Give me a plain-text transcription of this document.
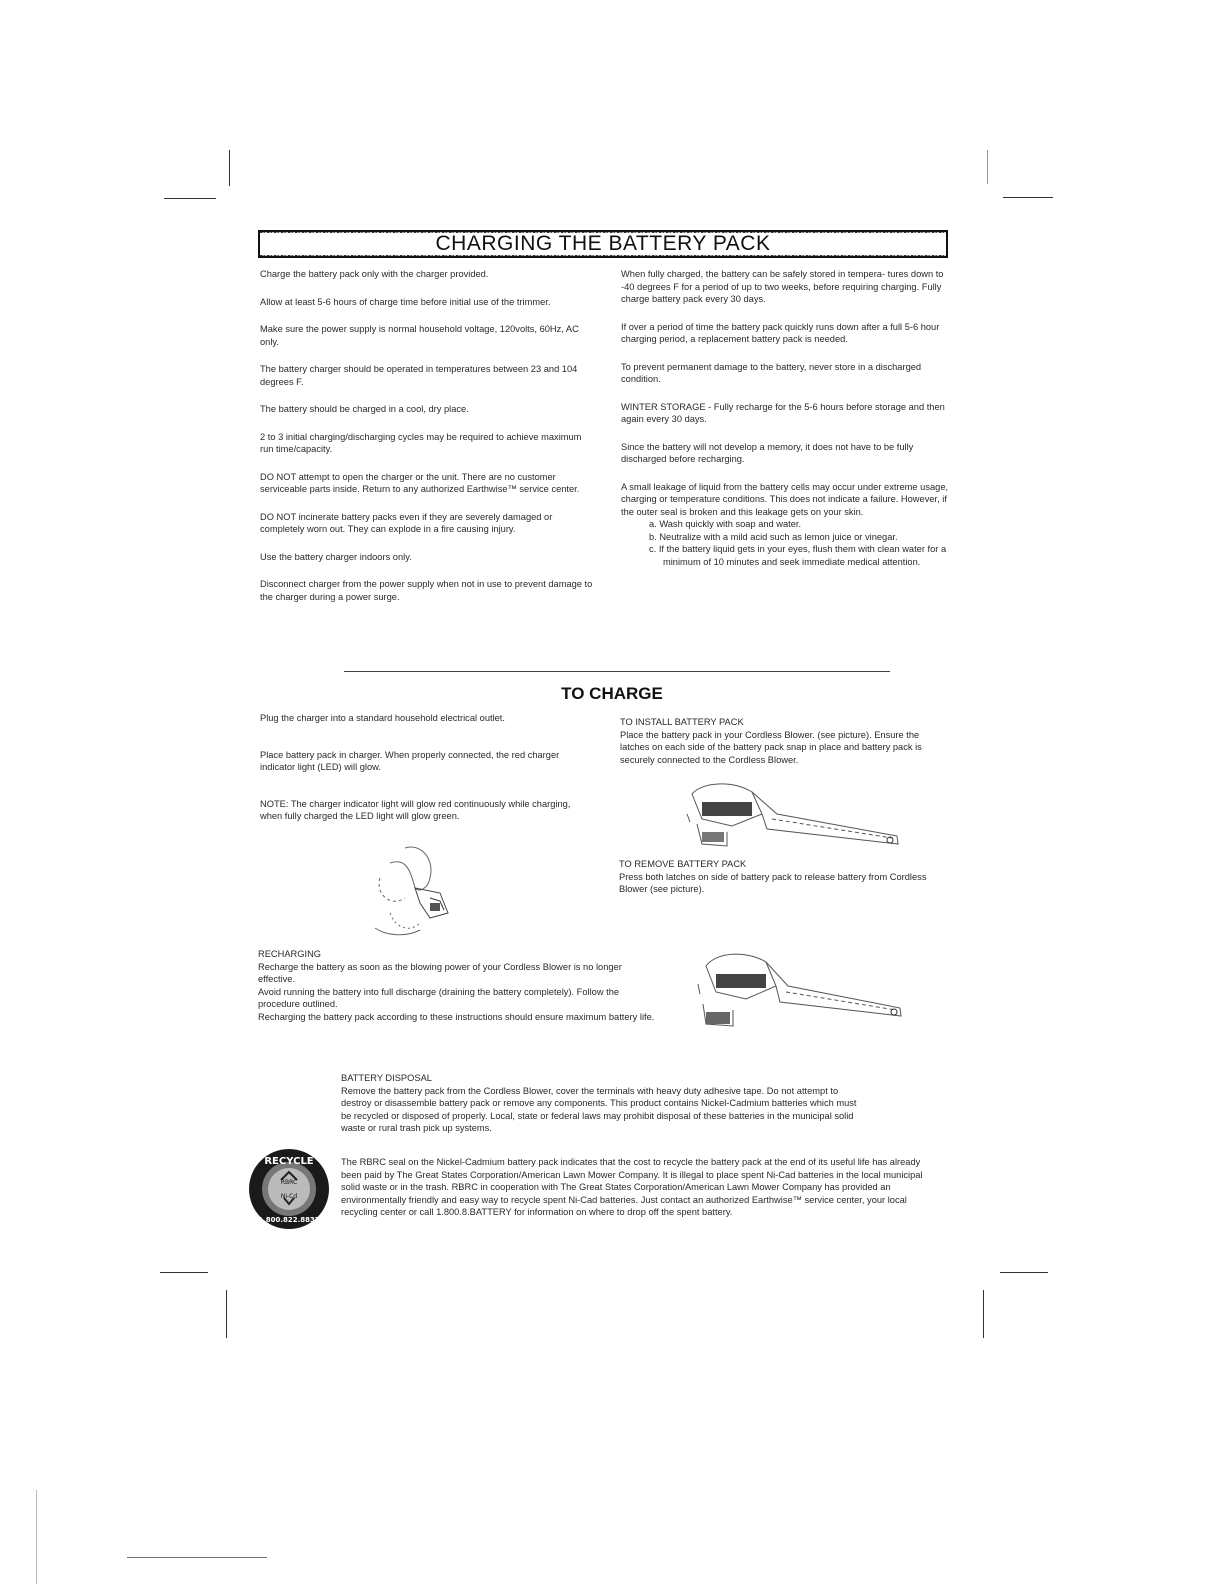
CHARGING THE BATTERY PACK

Charge the battery pack only with the charger provided.

Allow at least 5-6 hours of charge time before initial use of the trimmer.

Make sure the power supply is normal household voltage, 120volts, 60Hz, AC only.

The battery charger should be operated in temperatures between 23 and 104 degrees F.

The battery should be charged in a cool, dry place.

2 to 3 initial charging/discharging cycles may be required to achieve maximum run time/capacity.

DO NOT attempt to open the charger or the unit. There are no customer serviceable parts inside. Return to any authorized Earthwise™ service center.

DO NOT incinerate battery packs even if they are severely damaged or completely worn out. They can explode in a fire causing injury.

Use the battery charger indoors only.

Disconnect charger from the power supply when not in use to prevent damage to the charger during a power surge.

When fully charged, the battery can be safely stored in tempera- tures down to -40 degrees F for a period of up to two weeks, before requiring charging. Fully charge battery pack every 30 days.

If over a period of time the battery pack quickly runs down after a full 5-6 hour charging period, a replacement battery pack is needed.

To prevent permanent damage to the battery, never store in a discharged condition.

WINTER STORAGE - Fully recharge for the 5-6 hours before storage and then again every 30 days.

Since the battery will not develop a memory, it does not have to be fully discharged before recharging.

A small leakage of liquid from the battery cells may occur under extreme usage, charging or temperature conditions. This does not indicate a failure. However, if the outer seal is broken and this leakage gets on your skin.

a. Wash quickly with soap and water.

b. Neutralize with a mild acid such as lemon juice or vinegar.

c. If the battery liquid gets in your eyes, flush them with clean water for a minimum of 10 minutes and seek immediate medical attention.

TO CHARGE

Plug the charger into a standard household electrical outlet.

Place battery pack in charger. When properly connected, the red charger indicator light (LED) will glow.

NOTE: The charger indicator light will glow red continuously while charging, when fully charged the LED light will glow green.

TO INSTALL BATTERY PACK

Place the battery pack in your Cordless Blower. (see picture). Ensure the latches on each side of the battery pack snap in place and battery pack is securely connected to the Cordless Blower.

TO REMOVE BATTERY PACK

Press both latches on side of battery pack to release battery from Cordless Blower (see picture).

RECHARGING

Recharge the battery as soon as the blowing power of your Cordless Blower is no longer effective.

Avoid running the battery into full discharge (draining the battery completely). Follow the procedure outlined.

Recharging the battery pack according to these instructions should ensure maximum battery life.

BATTERY DISPOSAL

Remove the battery pack from the Cordless Blower, cover the terminals with heavy duty adhesive tape. Do not attempt to destroy or disassemble battery pack or remove any components. This product contains Nickel-Cadmium batteries which must be recycled or disposed of properly. Local, state or federal laws may prohibit disposal of these batteries in the municipal solid waste or rural trash pick up systems.

RECYCLE
RBRC
Ni-Cd
1.800.822.8837

The RBRC seal on the Nickel-Cadmium battery pack indicates that the cost to recycle the battery pack at the end of its useful life has already been paid by The Great States Corporation/American Lawn Mower Company. It is illegal to place spent Ni-Cad batteries in the local municipal solid waste or in the trash. RBRC in cooperation with The Great States Corporation/American Lawn Mower Company has provided an environmentally friendly and easy way to recycle spent Ni-Cad batteries. Just contact an authorized Earthwise™ service center, your local recycling center or call 1.800.8.BATTERY for information on where to drop off the spent battery.
